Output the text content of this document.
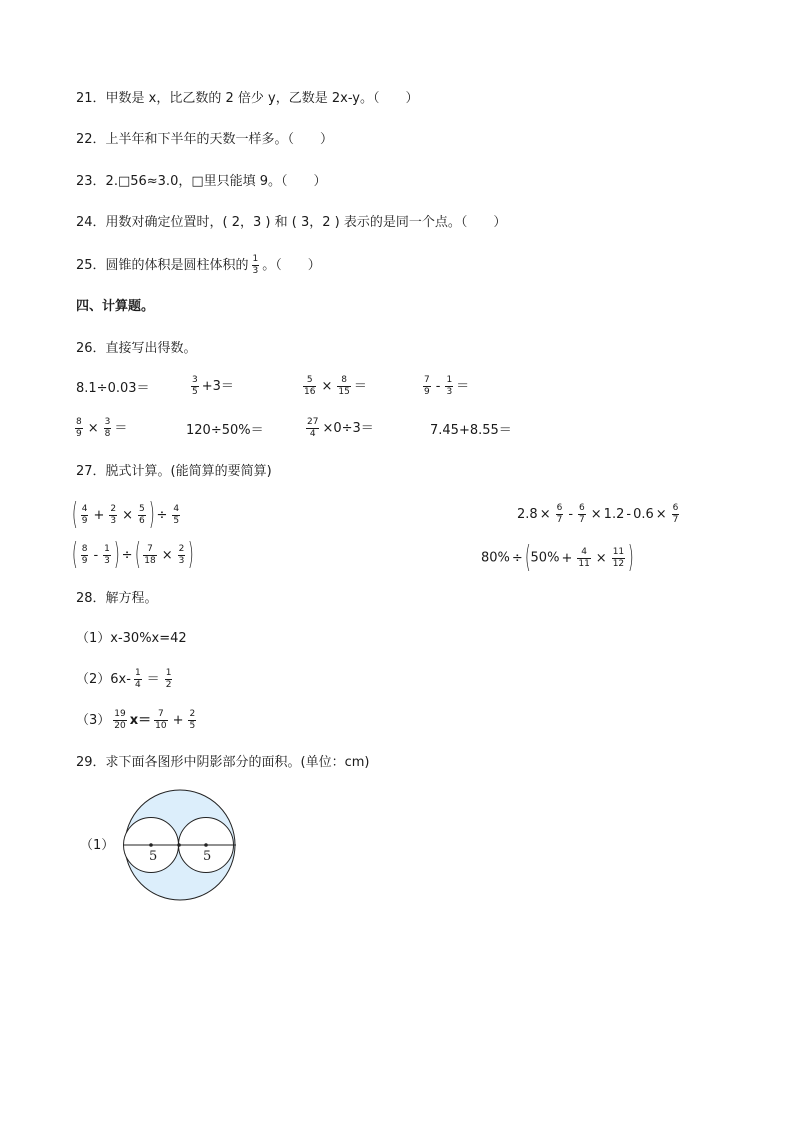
21．甲数是 x，比乙数的 2 倍少 y，乙数是 2x-y。（　　）
22．上半年和下半年的天数一样多。（　　）
23．2.□56≈3.0，□里只能填 9。（　　）
24．用数对确定位置时，( 2，3 ) 和 ( 3，2 ) 表示的是同一个点。（　　）
25．圆锥的体积是圆柱体积的 $\frac{1}{3}$ 。（　　）
四、计算题。
26．直接写出得数。
8.1÷0.03＝	$\frac{3}{5} +3=$	$\frac{5}{16} \times \frac{8}{15}$ ＝	$\frac{7}{9} - \frac{1}{3}$ ＝
$\frac{8}{9} \times \frac{3}{8}$ ＝	120÷50%＝	$\frac{27}{4} \times 0\div 3=$	7.45+8.55＝
27．脱式计算。(能简算的要简算)
( $\frac{4}{9} + \frac{2}{3} \times \frac{5}{6}$ ) ÷ $\frac{4}{5}$	$2.8 \times \frac{6}{7} - \frac{6}{7} \times 1.2 - 0.6 \times \frac{6}{7}$
( $\frac{8}{9} - \frac{1}{3}$ ) ÷( $\frac{7}{18} \times \frac{2}{3}$ )	$80\% \div(50\% + \frac{4}{11} \times \frac{11}{12}$ )
28．解方程。
（1）x-30%x=42
$(2)6x- \frac{1}{4} = \frac{1}{2}$
$(3) \frac{19}{20} x= \frac{7}{10} + \frac{2}{5}$
29．求下面各图形中阴影部分的面积。(单位：cm)
（1）
5	5
